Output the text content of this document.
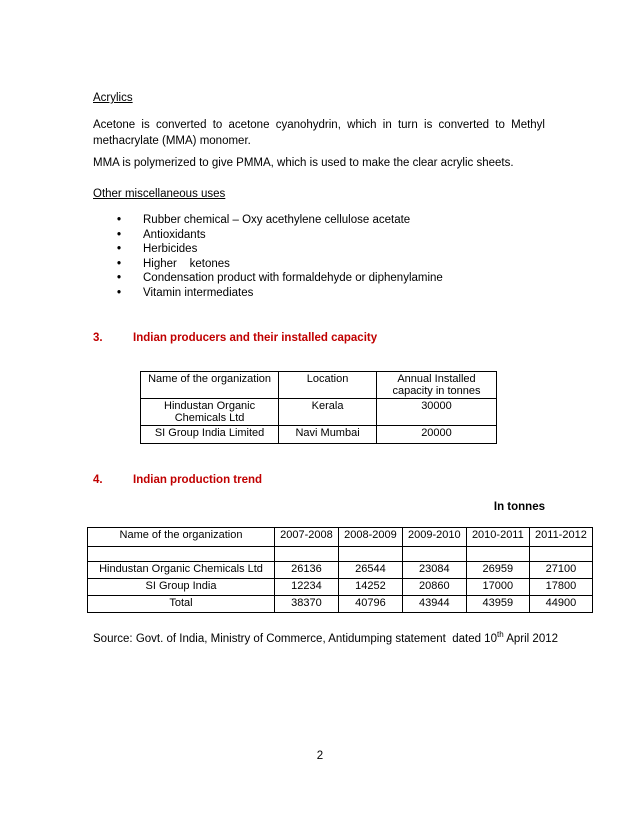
Acrylics
Acetone is converted to acetone cyanohydrin, which in turn is converted to Methyl methacrylate (MMA) monomer.
MMA is polymerized to give PMMA, which is used to make the clear acrylic sheets.
Other miscellaneous uses
• Rubber chemical – Oxy acethylene cellulose acetate
• Antioxidants
• Herbicides
• Higher    ketones
• Condensation product with formaldehyde or diphenylamine
• Vitamin intermediates
3.	Indian producers and their installed capacity
Name of the organization	Location	Annual Installed capacity in tonnes
Hindustan Organic Chemicals Ltd	Kerala	30000
SI Group India Limited	Navi Mumbai	20000
4.	Indian production trend
In tonnes
Name of the organization	2007-2008	2008-2009	2009-2010	2010-2011	2011-2012

Hindustan Organic Chemicals Ltd	26136	26544	23084	26959	27100
SI Group India	12234	14252	20860	17000	17800
Total	38370	40796	43944	43959	44900
Source: Govt. of India, Ministry of Commerce, Antidumping statement  dated 10th April 2012
2
